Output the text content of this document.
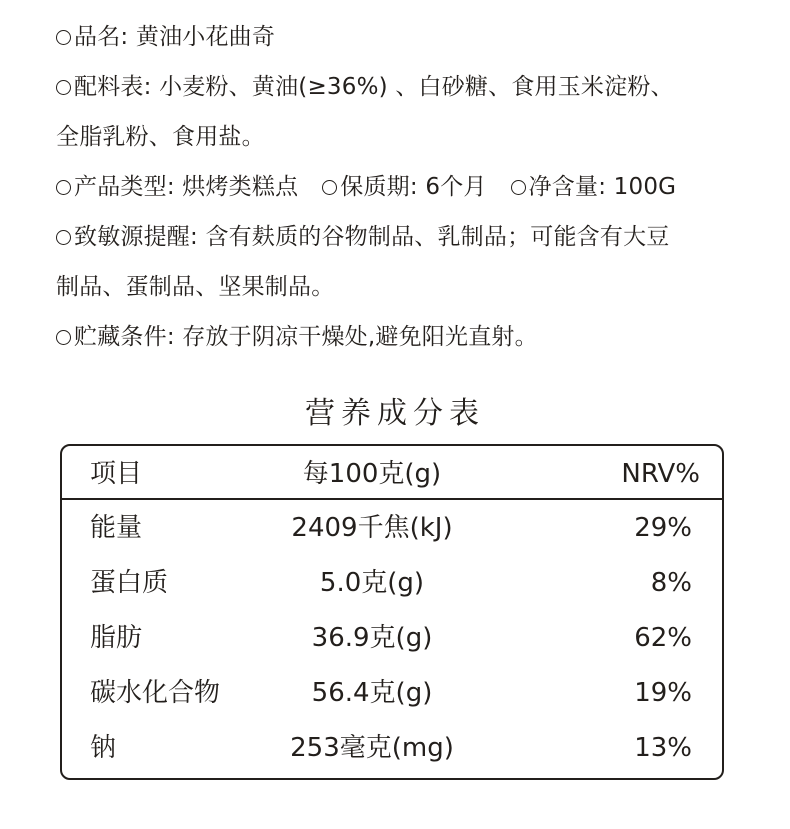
品名: 黄油小花曲奇
配料表: 小麦粉、黄油(≥36%) 、白砂糖、食用玉米淀粉、
全脂乳粉、食用盐。
产品类型: 烘烤类糕点 保质期: 6个月 净含量: 100G
致敏源提醒: 含有麸质的谷物制品、乳制品；可能含有大豆
制品、蛋制品、坚果制品。
贮藏条件: 存放于阴凉干燥处,避免阳光直射。
营养成分表
项目	每100克(g)	NRV%
能量	2409千焦(kJ)	29%
蛋白质	5.0克(g)	8%
脂肪	36.9克(g)	62%
碳水化合物	56.4克(g)	19%
钠	253毫克(mg)	13%
